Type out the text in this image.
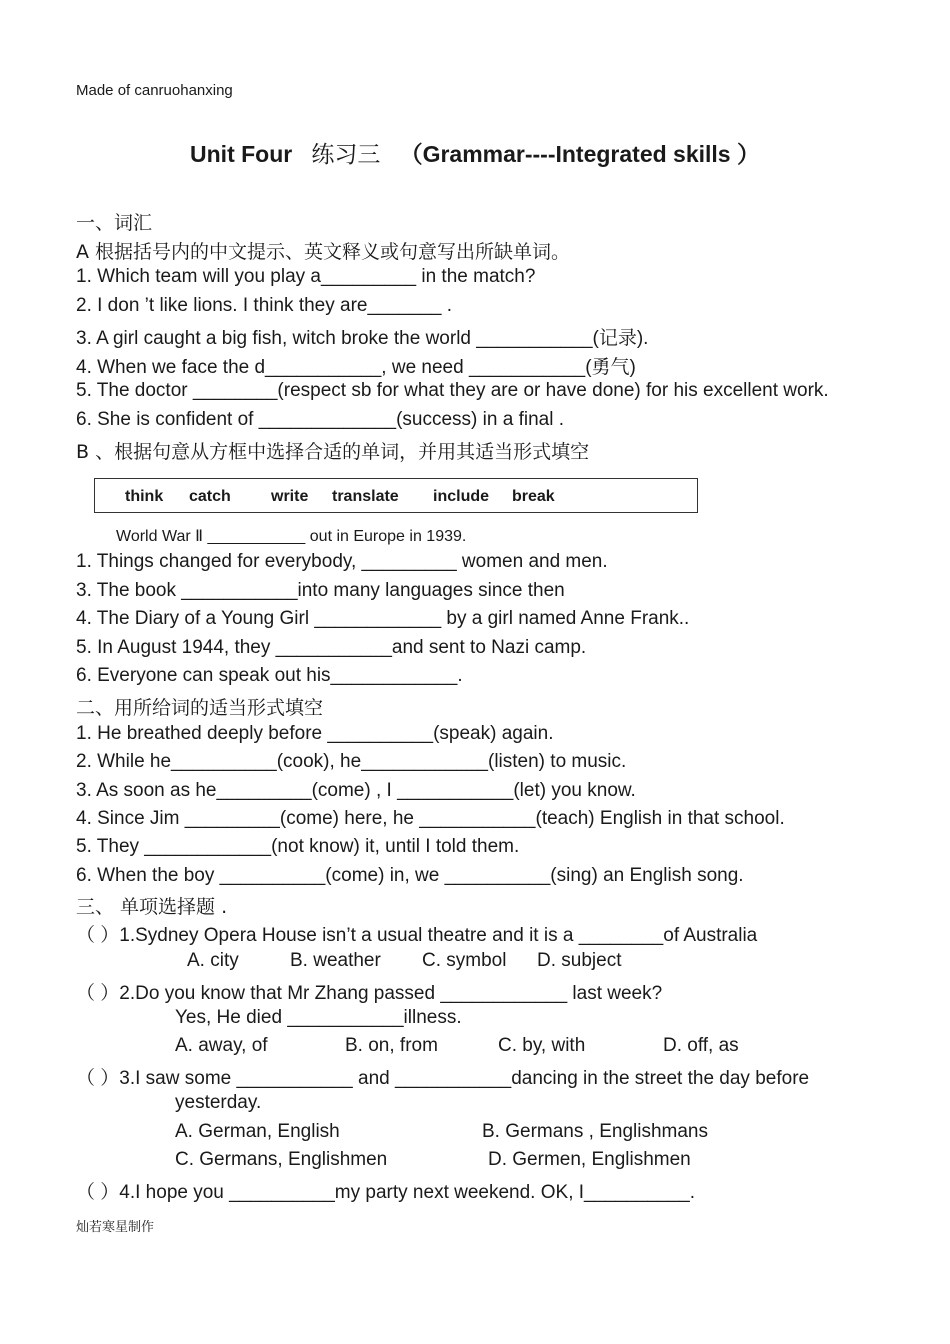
Made of canruohanxing
Unit Four 练习三 （Grammar----Integrated skills ）
一、词汇
A 根据括号内的中文提示、英文释义或句意写出所缺单词。
1. Which team will you play a_________ in the match?
2. I don ’t like lions. I think they are_______ .
3. A girl caught a big fish, witch broke the world ___________(记录).
4. When we face the d___________, we need ___________(勇气)
5. The doctor ________(respect sb for what they are or have done) for his excellent work.
6. She is confident of _____________(success) in a final .
B 、根据句意从方框中选择合适的单词，并用其适当形式填空
think catch	write translate include break
World War Ⅱ ___________ out in Europe in 1939.
1. Things changed for everybody, _________ women and men.
3. The book ___________into many languages since then
4. The Diary of a Young Girl ____________ by a girl named Anne Frank..
5. In August 1944, they ___________and sent to Nazi camp.
6. Everyone can speak out his____________.
二、用所给词的适当形式填空
1. He breathed deeply before __________(speak) again.
2. While he__________(cook), he____________(listen) to music.
3. As soon as he_________(come) , I ___________(let) you know.
4. Since Jim _________(come) here, he ___________(teach) English in that school.
5. They ____________(not know) it, until I told them.
6. When the boy __________(come) in, we __________(sing) an English song.
三、 单项选择题 .
（ ）1.Sydney Opera House isn’t a usual theatre and it is a ________of Australia
A. city	B. weather C. symbol D. subject
（ ）2.Do you know that Mr Zhang passed ____________ last week?
Yes, He died ___________illness.
A. away, of	B. on, from	C. by, with	D. off, as
（ ）3.I saw some ___________ and ___________dancing in the street the day before
yesterday.
A. German, English	B. Germans , Englishmans
C. Germans, Englishmen	D. Germen, Englishmen
（ ）4.I hope you __________my party next weekend. OK, I__________.
灿若寒星制作
